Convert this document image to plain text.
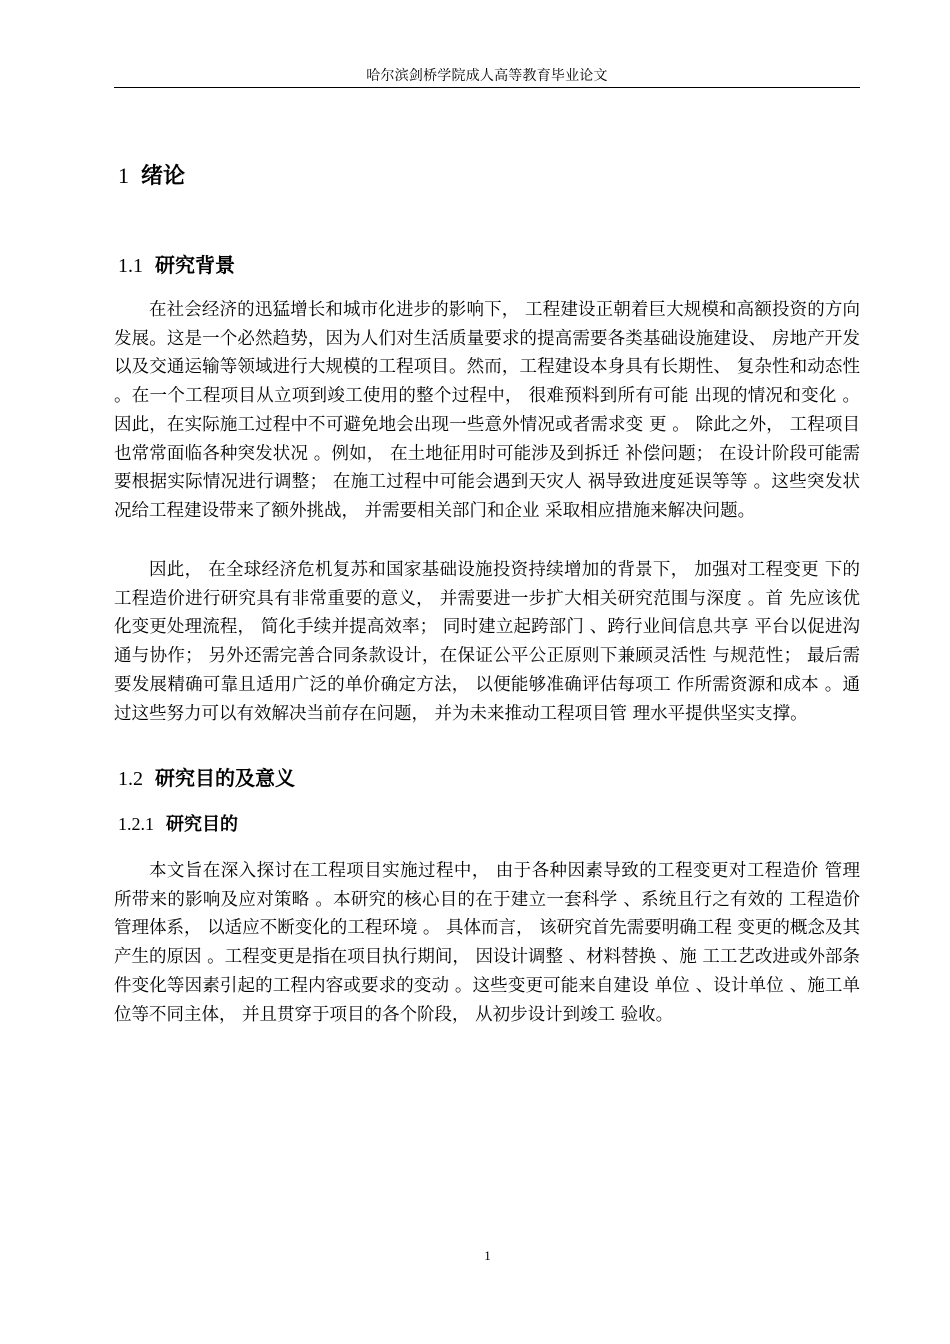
哈尔滨剑桥学院成人高等教育毕业论文
1 绪论
1.1 研究背景

在社会经济的迅猛增长和城市化进步的影响下， 工程建设正朝着巨大规模和高额投资的方向发展。这是一个必然趋势，因为人们对生活质量要求的提高需要各类基础设施建设、 房地产开发以及交通运输等领域进行大规模的工程项目。然而，工程建设本身具有长期性、 复杂性和动态性 。在一个工程项目从立项到竣工使用的整个过程中， 很难预料到所有可能 出现的情况和变化 。 因此，在实际施工过程中不可避免地会出现一些意外情况或者需求变 更 。 除此之外， 工程项目也常常面临各种突发状况 。例如， 在土地征用时可能涉及到拆迁 补偿问题； 在设计阶段可能需要根据实际情况进行调整； 在施工过程中可能会遇到天灾人 祸导致进度延误等等 。这些突发状况给工程建设带来了额外挑战， 并需要相关部门和企业 采取相应措施来解决问题。

因此， 在全球经济危机复苏和国家基础设施投资持续增加的背景下， 加强对工程变更 下的工程造价进行研究具有非常重要的意义， 并需要进一步扩大相关研究范围与深度 。首 先应该优化变更处理流程， 简化手续并提高效率； 同时建立起跨部门 、跨行业间信息共享 平台以促进沟通与协作； 另外还需完善合同条款设计，在保证公平公正原则下兼顾灵活性 与规范性； 最后需要发展精确可靠且适用广泛的单价确定方法， 以便能够准确评估每项工 作所需资源和成本 。通过这些努力可以有效解决当前存在问题， 并为未来推动工程项目管 理水平提供坚实支撑。

1.2 研究目的及意义
1.2.1 研究目的

本文旨在深入探讨在工程项目实施过程中， 由于各种因素导致的工程变更对工程造价 管理所带来的影响及应对策略 。本研究的核心目的在于建立一套科学 、系统且行之有效的 工程造价管理体系， 以适应不断变化的工程环境 。 具体而言， 该研究首先需要明确工程 变更的概念及其产生的原因 。工程变更是指在项目执行期间， 因设计调整 、材料替换 、施 工工艺改进或外部条件变化等因素引起的工程内容或要求的变动 。这些变更可能来自建设 单位 、设计单位 、施工单位等不同主体， 并且贯穿于项目的各个阶段， 从初步设计到竣工 验收。

1
